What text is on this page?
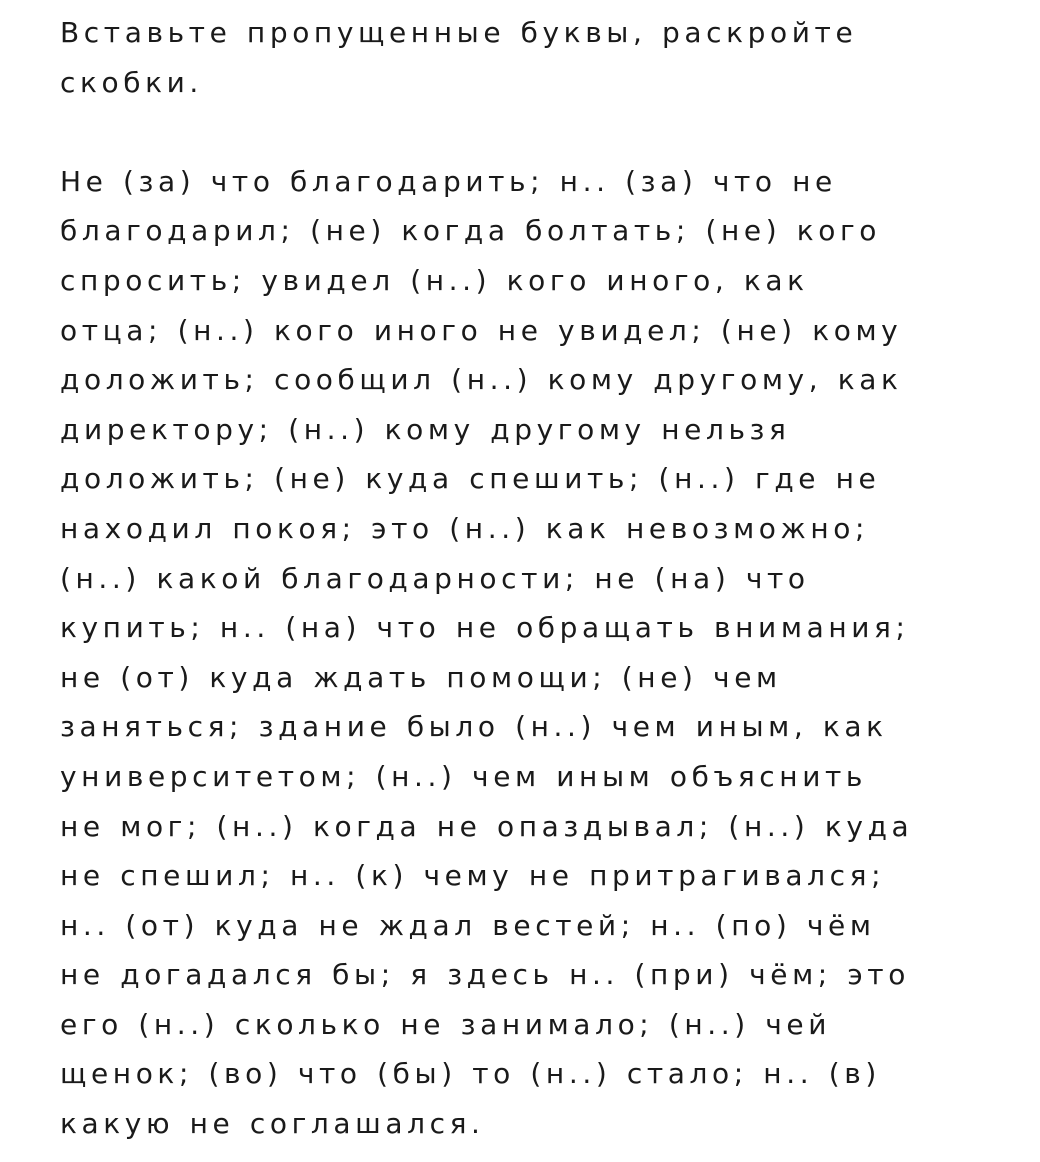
Вставьте пропущенные буквы, раскройте
скобки.
Не (за) что благодарить; н.. (за) что не
благодарил; (не) когда болтать; (не) кого
спросить; увидел (н..) кого иного, как
отца; (н..) кого иного не увидел; (не) кому
доложить; сообщил (н..) кому другому, как
директору; (н..) кому другому нельзя
доложить; (не) куда спешить; (н..) где не
находил покоя; это (н..) как невозможно;
(н..) какой благодарности; не (на) что
купить; н.. (на) что не обращать внимания;
не (от) куда ждать помощи; (не) чем
заняться; здание было (н..) чем иным, как
университетом; (н..) чем иным объяснить
не мог; (н..) когда не опаздывал; (н..) куда
не спешил; н.. (к) чему не притрагивался;
н.. (от) куда не ждал вестей; н.. (по) чём
не догадался бы; я здесь н.. (при) чём; это
его (н..) сколько не занимало; (н..) чей
щенок; (во) что (бы) то (н..) стало; н.. (в)
какую не соглашался.
